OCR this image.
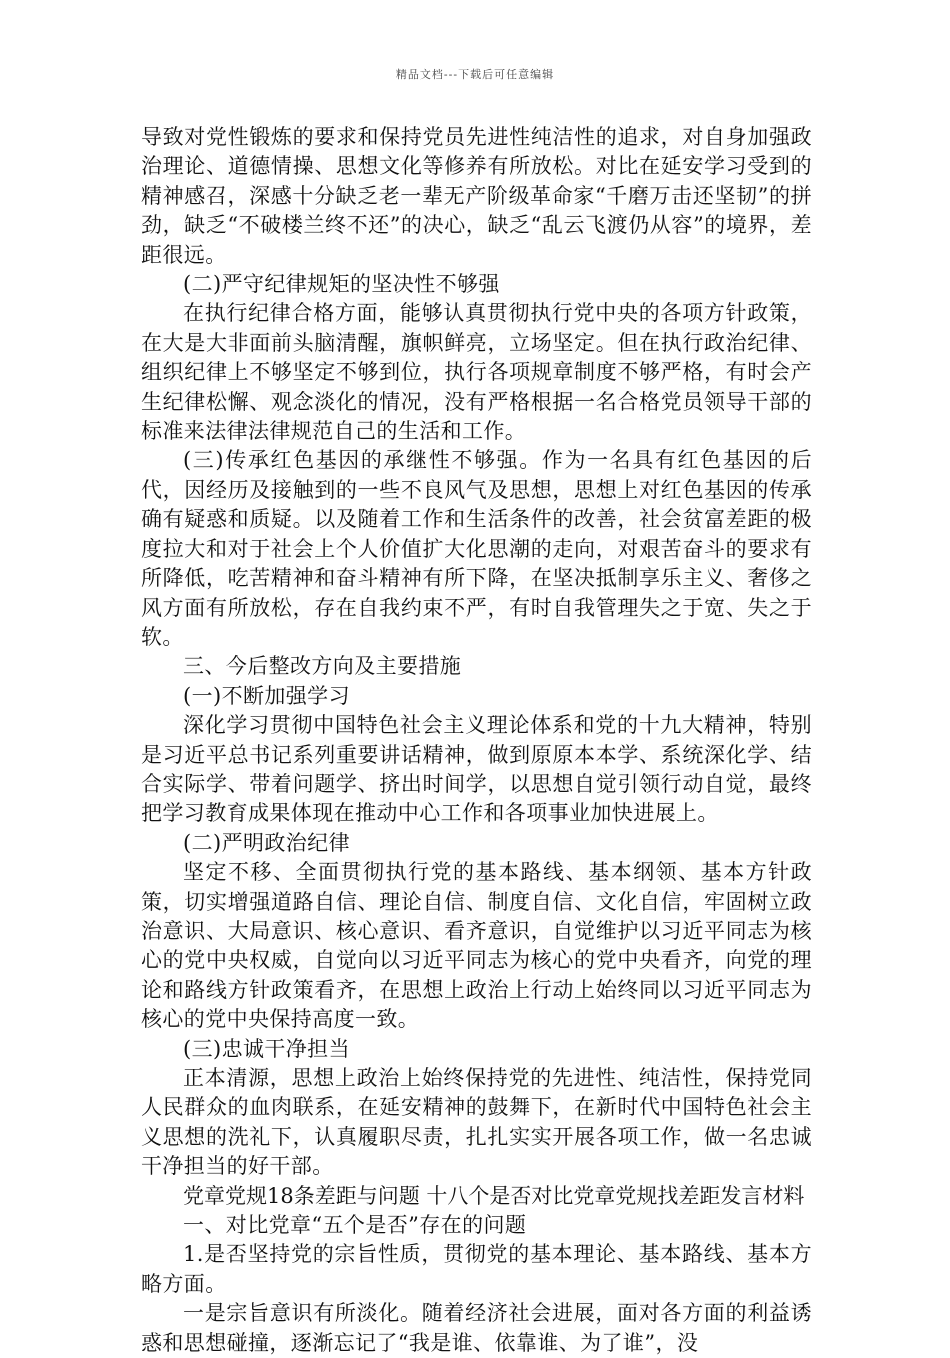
精品文档---下载后可任意编辑

导致对党性锻炼的要求和保持党员先进性纯洁性的追求，对自身加强政治理论、道德情操、思想文化等修养有所放松。对比在延安学习受到的精神感召，深感十分缺乏老一辈无产阶级革命家“千磨万击还坚韧”的拼劲，缺乏“不破楼兰终不还”的决心，缺乏“乱云飞渡仍从容”的境界，差距很远。

(二)严守纪律规矩的坚决性不够强

在执行纪律合格方面，能够认真贯彻执行党中央的各项方针政策，在大是大非面前头脑清醒，旗帜鲜亮，立场坚定。但在执行政治纪律、组织纪律上不够坚定不够到位，执行各项规章制度不够严格，有时会产生纪律松懈、观念淡化的情况，没有严格根据一名合格党员领导干部的标准来法律法律规范自己的生活和工作。

(三)传承红色基因的承继性不够强。作为一名具有红色基因的后代，因经历及接触到的一些不良风气及思想，思想上对红色基因的传承确有疑惑和质疑。以及随着工作和生活条件的改善，社会贫富差距的极度拉大和对于社会上个人价值扩大化思潮的走向，对艰苦奋斗的要求有所降低，吃苦精神和奋斗精神有所下降，在坚决抵制享乐主义、奢侈之风方面有所放松，存在自我约束不严，有时自我管理失之于宽、失之于软。

三、今后整改方向及主要措施

(一)不断加强学习

深化学习贯彻中国特色社会主义理论体系和党的十九大精神，特别是习近平总书记系列重要讲话精神，做到原原本本学、系统深化学、结合实际学、带着问题学、挤出时间学，以思想自觉引领行动自觉，最终把学习教育成果体现在推动中心工作和各项事业加快进展上。

(二)严明政治纪律

坚定不移、全面贯彻执行党的基本路线、基本纲领、基本方针政策，切实增强道路自信、理论自信、制度自信、文化自信，牢固树立政治意识、大局意识、核心意识、看齐意识，自觉维护以习近平同志为核心的党中央权威，自觉向以习近平同志为核心的党中央看齐，向党的理论和路线方针政策看齐，在思想上政治上行动上始终同以习近平同志为核心的党中央保持高度一致。

(三)忠诚干净担当

正本清源，思想上政治上始终保持党的先进性、纯洁性，保持党同人民群众的血肉联系，在延安精神的鼓舞下，在新时代中国特色社会主义思想的洗礼下，认真履职尽责，扎扎实实开展各项工作，做一名忠诚干净担当的好干部。

党章党规18条差距与问题 十八个是否对比党章党规找差距发言材料

一、对比党章“五个是否”存在的问题

1.是否坚持党的宗旨性质，贯彻党的基本理论、基本路线、基本方略方面。

一是宗旨意识有所淡化。随着经济社会进展，面对各方面的利益诱惑和思想碰撞，逐渐忘记了“我是谁、依靠谁、为了谁”，没
